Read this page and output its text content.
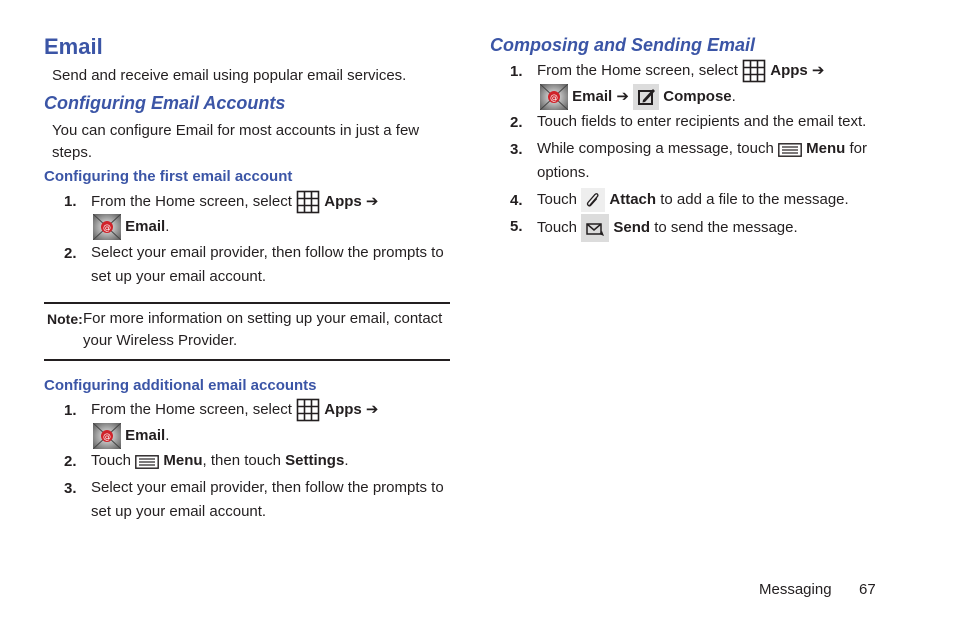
Email
Send and receive email using popular email services.
Configuring Email Accounts
You can configure Email for most accounts in just a few
steps.
Configuring the first email account
1. From the Home screen, select Apps ➔
@ Email.
2. Select your email provider, then follow the prompts to
set up your email account.
Note: For more information on setting up your email, contact
your Wireless Provider.
Configuring additional email accounts
1. From the Home screen, select Apps ➔
@ Email.
2. Touch Menu, then touch Settings.
3. Select your email provider, then follow the prompts to
set up your email account.
Composing and Sending Email
1. From the Home screen, select Apps ➔
@ Email ➔ Compose.
2. Touch fields to enter recipients and the email text.
3. While composing a message, touch Menu for
options.
4. Touch Attach to add a file to the message.
5. Touch Send to send the message.
Messaging 67
